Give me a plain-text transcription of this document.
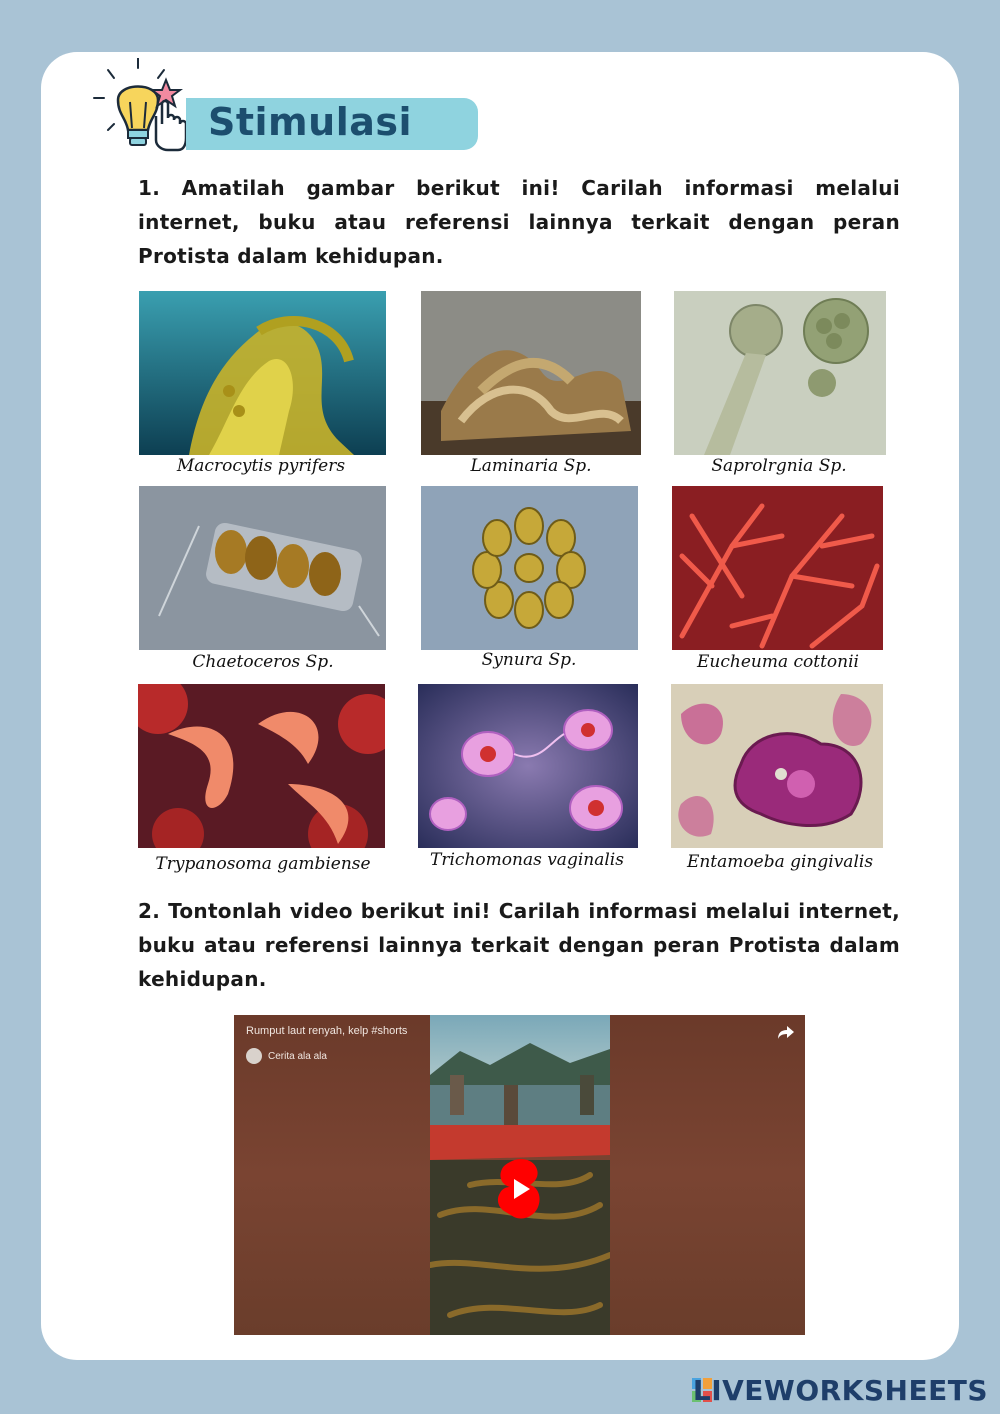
Stimulasi
1. Amatilah gambar berikut ini! Carilah informasi melalui internet, buku atau referensi lainnya terkait dengan peran Protista dalam kehidupan.
Macrocytis pyrifers	Laminaria Sp.	Saprolrgnia Sp.
Chaetoceros Sp.	Synura Sp.	Eucheuma cottonii
Trypanosoma gambiense	Trichomonas vaginalis	Entamoeba gingivalis
2. Tontonlah video berikut ini! Carilah informasi melalui internet, buku atau referensi lainnya terkait dengan peran Protista dalam kehidupan.
Rumput laut renyah, kelp #shorts
Cerita ala ala
LIVEWORKSHEETS
